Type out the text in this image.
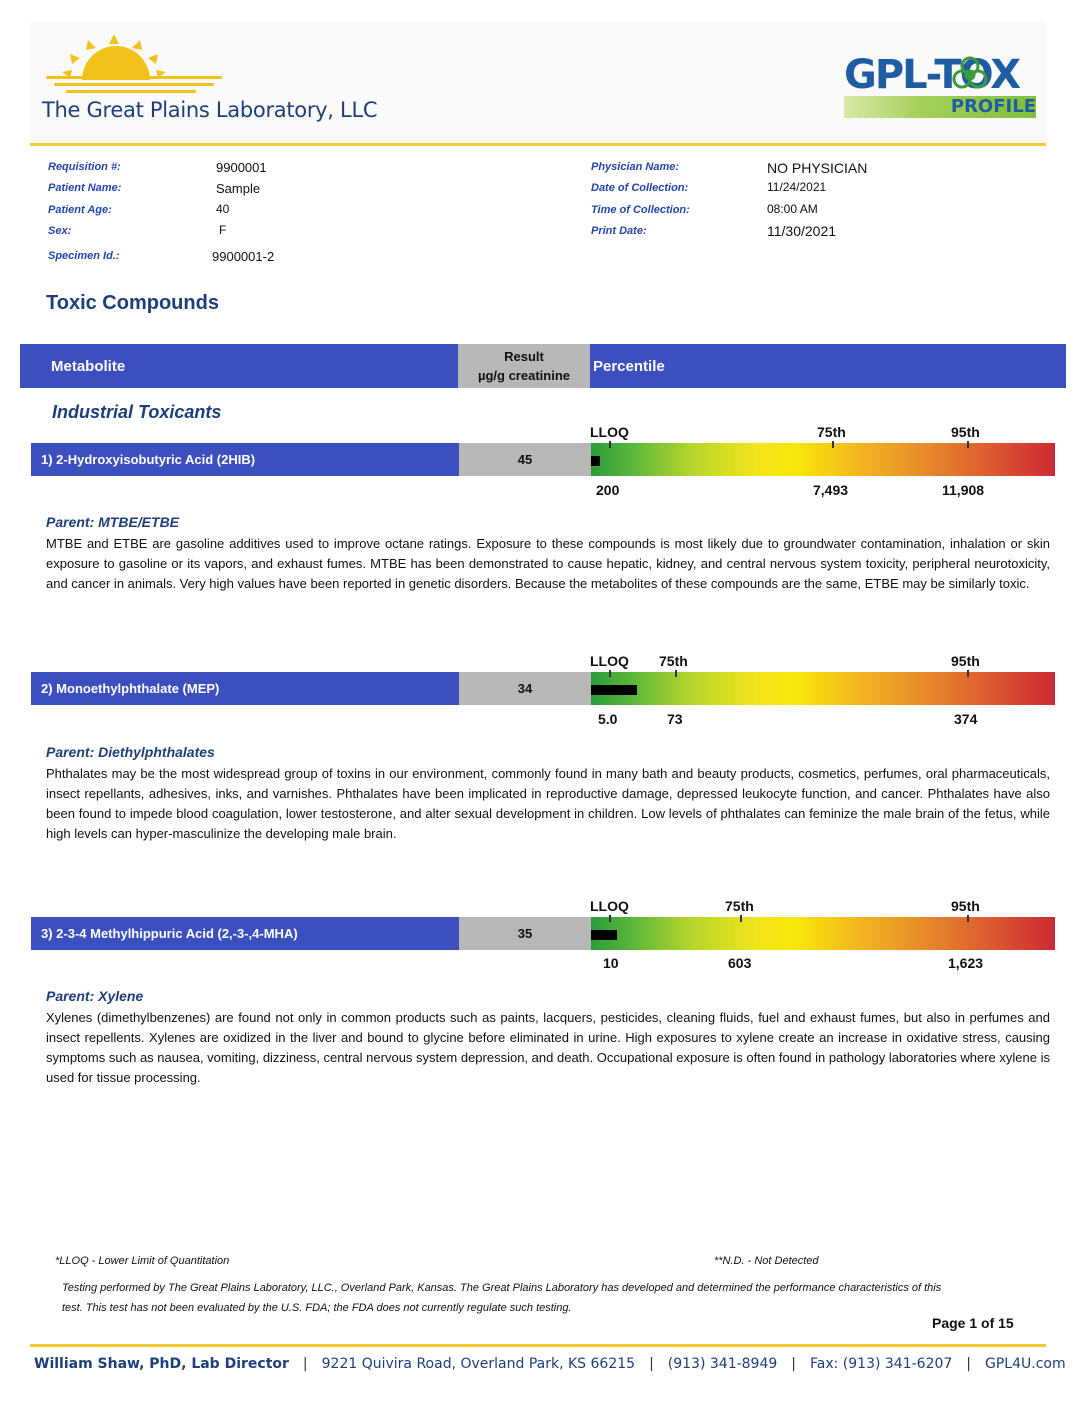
The Great Plains Laboratory, LLC
GPL-TOX
PROFILE
Requisition #:	9900001
Patient Name:	Sample
Patient Age:	40
Sex:	F
Specimen Id.:	9900001-2
Physician Name:	NO PHYSICIAN
Date of Collection:	11/24/2021
Time of Collection:	08:00 AM
Print Date:	11/30/2021
Toxic Compounds
Metabolite
Result
µg/g creatinine
Percentile
Industrial Toxicants
LLOQ	75th	95th
1) 2-Hydroxyisobutyric Acid (2HIB)	45
200	7,493	11,908
Parent: MTBE/ETBE
MTBE and ETBE are gasoline additives used to improve octane ratings. Exposure to these compounds is most likely due to groundwater contamination, inhalation or skin exposure to gasoline or its vapors, and exhaust fumes. MTBE has been demonstrated to cause hepatic, kidney, and central nervous system toxicity, peripheral neurotoxicity, and cancer in animals. Very high values have been reported in genetic disorders. Because the metabolites of these compounds are the same, ETBE may be similarly toxic.
LLOQ 75th	95th
2) Monoethylphthalate (MEP)	34
5.0	73	374
Parent: Diethylphthalates
Phthalates may be the most widespread group of toxins in our environment, commonly found in many bath and beauty products, cosmetics, perfumes, oral pharmaceuticals, insect repellants, adhesives, inks, and varnishes. Phthalates have been implicated in reproductive damage, depressed leukocyte function, and cancer. Phthalates have also been found to impede blood coagulation, lower testosterone, and alter sexual development in children. Low levels of phthalates can feminize the male brain of the fetus, while high levels can hyper-masculinize the developing male brain.
LLOQ	75th	95th
3) 2-3-4 Methylhippuric Acid (2,-3-,4-MHA)	35
10	603	1,623
Parent: Xylene
Xylenes (dimethylbenzenes) are found not only in common products such as paints, lacquers, pesticides, cleaning fluids, fuel and exhaust fumes, but also in perfumes and insect repellents. Xylenes are oxidized in the liver and bound to glycine before eliminated in urine. High exposures to xylene create an increase in oxidative stress, causing symptoms such as nausea, vomiting, dizziness, central nervous system depression, and death. Occupational exposure is often found in pathology laboratories where xylene is used for tissue processing.
*LLOQ - Lower Limit of Quantitation	**N.D. - Not Detected
Testing performed by The Great Plains Laboratory, LLC., Overland Park, Kansas. The Great Plains Laboratory has developed and determined the performance characteristics of this test. This test has not been evaluated by the U.S. FDA; the FDA does not currently regulate such testing.
Page 1 of 15
William Shaw, PhD, Lab Director | 9221 Quivira Road, Overland Park, KS 66215 | (913) 341-8949 | Fax: (913) 341-6207 | GPL4U.com
